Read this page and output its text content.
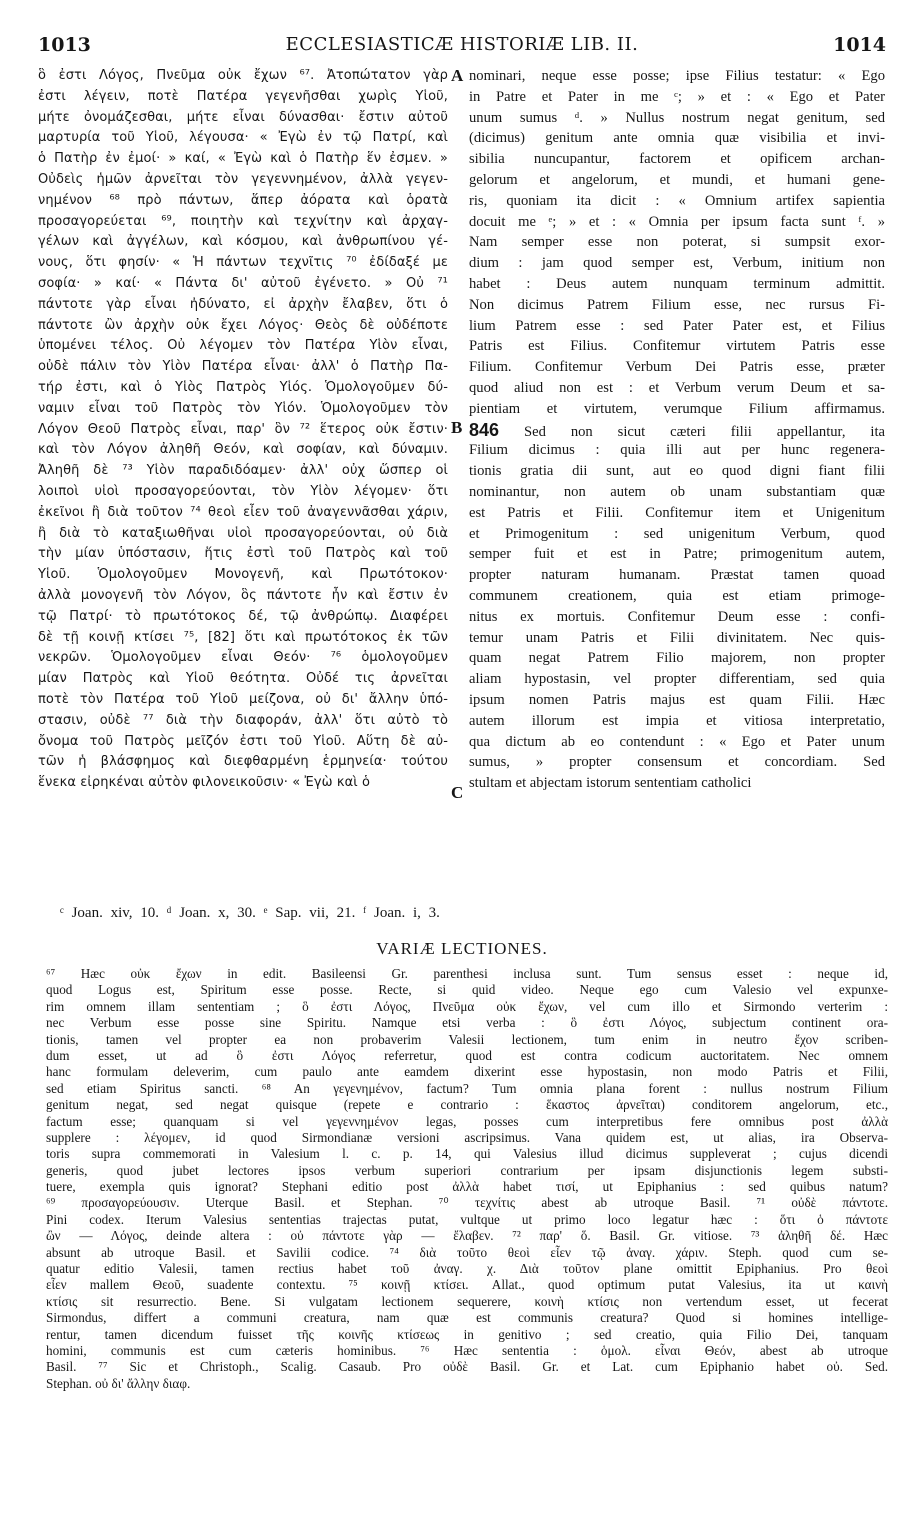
1013	ECCLESIASTICÆ HISTORIÆ LIB. II.	1014
ὃ ἐστι Λόγος, Πνεῦμα οὐκ ἔχων ⁶⁷. Ἀτοπώτατον γὰρ
ἐστι λέγειν, ποτὲ Πατέρα γεγενῆσθαι χωρὶς Υἱοῦ,
μήτε ὀνομάζεσθαι, μήτε εἶναι δύνασθαι· ἔστιν αὐτοῦ
μαρτυρία τοῦ Υἱοῦ, λέγουσα· « Ἐγὼ ἐν τῷ Πατρί, καὶ
ὁ Πατὴρ ἐν ἐμοί· » καί, « Ἐγὼ καὶ ὁ Πατὴρ ἕν ἐσμεν. »
Οὐδεὶς ἡμῶν ἀρνεῖται τὸν γεγεννημένον, ἀλλὰ γεγεν-
νημένον ⁶⁸ πρὸ πάντων, ἅπερ ἀόρατα καὶ ὁρατὰ
προσαγορεύεται ⁶⁹, ποιητὴν καὶ τεχνίτην καὶ ἀρχαγ-
γέλων καὶ ἀγγέλων, καὶ κόσμου, καὶ ἀνθρωπίνου γέ-
νους, ὅτι φησίν· « Ἡ πάντων τεχνῖτις ⁷⁰ ἐδίδαξέ με
σοφία· » καί· « Πάντα δι' αὐτοῦ ἐγένετο. » Οὐ ⁷¹
πάντοτε γὰρ εἶναι ἠδύνατο, εἰ ἀρχὴν ἔλαβεν, ὅτι ὁ
πάντοτε ὢν ἀρχὴν οὐκ ἔχει Λόγος· Θεὸς δὲ οὐδέποτε
ὑπομένει τέλος. Οὐ λέγομεν τὸν Πατέρα Υἱὸν εἶναι,
οὐδὲ πάλιν τὸν Υἱὸν Πατέρα εἶναι· ἀλλ' ὁ Πατὴρ Πα-
τήρ ἐστι, καὶ ὁ Υἱὸς Πατρὸς Υἱός. Ὁμολογοῦμεν δύ-
ναμιν εἶναι τοῦ Πατρὸς τὸν Υἱόν. Ὁμολογοῦμεν τὸν
Λόγον Θεοῦ Πατρὸς εἶναι, παρ' ὃν ⁷² ἕτερος οὐκ ἔστιν·
καὶ τὸν Λόγον ἀληθῆ Θεόν, καὶ σοφίαν, καὶ δύναμιν.
Ἀληθῆ δὲ ⁷³ Υἱὸν παραδιδόαμεν· ἀλλ' οὐχ ὥσπερ οἱ
λοιποὶ υἱοὶ προσαγορεύονται, τὸν Υἱὸν λέγομεν· ὅτι
ἐκεῖνοι ἢ διὰ τοῦτον ⁷⁴ θεοὶ εἶεν τοῦ ἀναγεννᾶσθαι χάριν,
ἢ διὰ τὸ καταξιωθῆναι υἱοὶ προσαγορεύονται, οὐ διὰ
τὴν μίαν ὑπόστασιν, ἥτις ἐστὶ τοῦ Πατρὸς καὶ τοῦ
Υἱοῦ. Ὁμολογοῦμεν Μονογενῆ, καὶ Πρωτότοκον·
ἀλλὰ μονογενῆ τὸν Λόγον, ὃς πάντοτε ἦν καὶ ἔστιν ἐν
τῷ Πατρί· τὸ πρωτότοκος δέ, τῷ ἀνθρώπῳ. Διαφέρει
δὲ τῇ κοινῇ κτίσει ⁷⁵, [82] ὅτι καὶ πρωτότοκος ἐκ τῶν
νεκρῶν. Ὁμολογοῦμεν εἶναι Θεόν· ⁷⁶ ὁμολογοῦμεν
μίαν Πατρὸς καὶ Υἱοῦ θεότητα. Οὐδέ τις ἀρνεῖται
ποτὲ τὸν Πατέρα τοῦ Υἱοῦ μείζονα, οὐ δι' ἄλλην ὑπό-
στασιν, οὐδὲ ⁷⁷ διὰ τὴν διαφοράν, ἀλλ' ὅτι αὐτὸ τὸ
ὄνομα τοῦ Πατρὸς μεῖζόν ἐστι τοῦ Υἱοῦ. Αὕτη δὲ αὐ-
τῶν ἡ βλάσφημος καὶ διεφθαρμένη ἑρμηνεία· τούτου
ἕνεκα εἰρηκέναι αὐτὸν φιλονεικοῦσιν· « Ἐγὼ καὶ ὁ
nominari, neque esse posse; ipse Filius testatur: « Ego
in Patre et Pater in me ᶜ; » et : « Ego et Pater
unum sumus ᵈ. » Nullus nostrum negat genitum, sed
(dicimus) genitum ante omnia quæ visibilia et invi-
sibilia nuncupantur, factorem et opificem archan-
gelorum et angelorum, et mundi, et humani gene-
ris, quoniam ita dicit : « Omnium artifex sapientia
docuit me ᵉ; » et : « Omnia per ipsum facta sunt ᶠ. »
Nam semper esse non poterat, si sumpsit exor-
dium : jam quod semper est, Verbum, initium non
habet : Deus autem nunquam terminum admittit.
Non dicimus Patrem Filium esse, nec rursus Fi-
lium Patrem esse : sed Pater Pater est, et Filius
Patris est Filius. Confitemur virtutem Patris esse
Filium. Confitemur Verbum Dei Patris esse, præter
quod aliud non est : et Verbum verum Deum et sa-
pientiam et virtutem, verumque Filium affirmamus.
846 Sed non sicut cæteri filii appellantur, ita
Filium dicimus : quia illi aut per hunc regenera-
tionis gratia dii sunt, aut eo quod digni fiant filii
nominantur, non autem ob unam substantiam quæ
est Patris et Filii. Confitemur item et Unigenitum
et Primogenitum : sed unigenitum Verbum, quod
semper fuit et est in Patre; primogenitum autem,
propter naturam humanam. Præstat tamen quoad
communem creationem, quia est etiam primoge-
nitus ex mortuis. Confitemur Deum esse : confi-
temur unam Patris et Filii divinitatem. Nec quis-
quam negat Patrem Filio majorem, non propter
aliam hypostasin, vel propter differentiam, sed quia
ipsum nomen Patris majus est quam Filii. Hæc
autem illorum est impia et vitiosa interpretatio,
qua dictum ab eo contendunt : « Ego et Pater unum
sumus, » propter consensum et concordiam. Sed
stultam et abjectam istorum sententiam catholici
A
B
C
ᶜ Joan. xiv, 10. ᵈ Joan. x, 30. ᵉ Sap. vii, 21. ᶠ Joan. i, 3.
VARIÆ LECTIONES.
⁶⁷ Hæc οὐκ ἔχων in edit. Basileensi Gr. parenthesi inclusa sunt. Tum sensus esset : neque id,
quod Logus est, Spiritum esse posse. Recte, si quid video. Neque ego cum Valesio vel expunxe-
rim omnem illam sententiam ; ὃ ἐστι Λόγος, Πνεῦμα οὐκ ἔχων, vel cum illo et Sirmondo verterim :
nec Verbum esse posse sine Spiritu. Namque etsi verba : ὃ ἐστι Λόγος, subjectum continent ora-
tionis, tamen vel propter ea non probaverim Valesii lectionem, tum enim in neutro ἔχον scriben-
dum esset, ut ad ὃ ἐστι Λόγος referretur, quod est contra codicum auctoritatem. Nec omnem
hanc formulam deleverim, cum paulo ante eamdem dixerint esse hypostasin, non modo Patris et Filii,
sed etiam Spiritus sancti. ⁶⁸ An γεγενημένον, factum? Tum omnia plana forent : nullus nostrum Filium
genitum negat, sed negat quisque (repete e contrario : ἕκαστος ἀρνεῖται) conditorem angelorum, etc.,
factum esse; quanquam si vel γεγεννημένον legas, posses cum interpretibus fere omnibus post ἀλλὰ
supplere : λέγομεν, id quod Sirmondianæ versioni ascripsimus. Vana quidem est, ut alias, ira Observa-
toris supra commemorati in Valesium l. c. p. 14, qui Valesius illud dicimus suppleverat ; cujus dicendi
generis, quod jubet lectores ipsos verbum superiori contrarium per ipsam disjunctionis legem substi-
tuere, exempla quis ignorat? Stephani editio post ἀλλὰ habet τισί, ut Epiphanius : sed quibus natum?
⁶⁹ προσαγορεύουσιν. Uterque Basil. et Stephan. ⁷⁰ τεχνίτις abest ab utroque Basil. ⁷¹ οὐδὲ πάντοτε.
Pini codex. Iterum Valesius sententias trajectas putat, vultque ut primo loco legatur hæc : ὅτι ὁ πάντοτε
ὢν — Λόγος, deinde altera : οὐ πάντοτε γὰρ — ἔλαβεν. ⁷² παρ' ὅ. Basil. Gr. vitiose. ⁷³ ἀληθῆ δέ. Hæc
absunt ab utroque Basil. et Savilii codice. ⁷⁴ διὰ τοῦτο θεοὶ εἶεν τῷ ἀναγ. χάριν. Steph. quod cum se-
quatur editio Valesii, tamen rectius habet τοῦ ἀναγ. χ. Διὰ τοῦτον plane omittit Epiphanius. Pro θεοὶ
εἶεν mallem Θεοῦ, suadente contextu. ⁷⁵ κοινῇ κτίσει. Allat., quod optimum putat Valesius, ita ut καινὴ
κτίσις sit resurrectio. Bene. Si vulgatam lectionem sequerere, κοινὴ κτίσις non vertendum esset, ut fecerat
Sirmondus, differt a communi creatura, nam quæ est communis creatura? Quod si homines intellige-
rentur, tamen dicendum fuisset τῆς κοινῆς κτίσεως in genitivo ; sed creatio, quia Filio Dei, tanquam
homini, communis est cum cæteris hominibus. ⁷⁶ Hæc sententia : ὁμολ. εἶναι Θεόν, abest ab utroque
Basil. ⁷⁷ Sic et Christoph., Scalig. Casaub. Pro οὐδὲ Basil. Gr. et Lat. cum Epiphanio habet οὐ. Sed.
Stephan. οὐ δι' ἄλλην διαφ.
